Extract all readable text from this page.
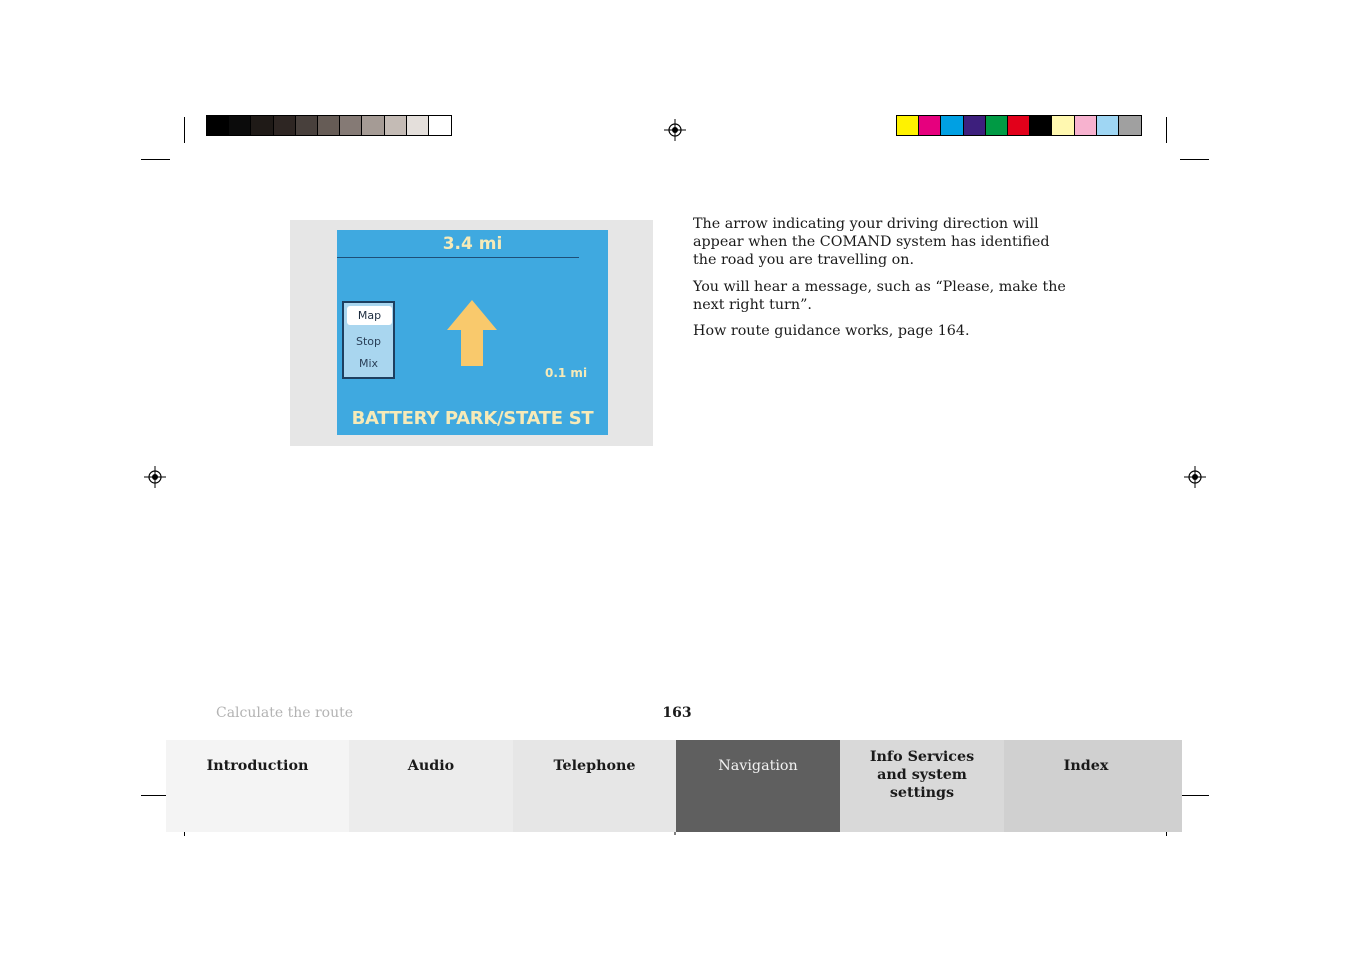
3.4 mi
Map
Stop
Mix
0.1 mi
BATTERY PARK/STATE ST

The arrow indicating your driving direction will appear when the COMAND system has identified the road you are travelling on.

You will hear a message, such as “Please, make the next right turn”.

How route guidance works, page 164.

Calculate the route	163
Introduction	Audio	Telephone	Navigation
Info Services and system settings
Index
